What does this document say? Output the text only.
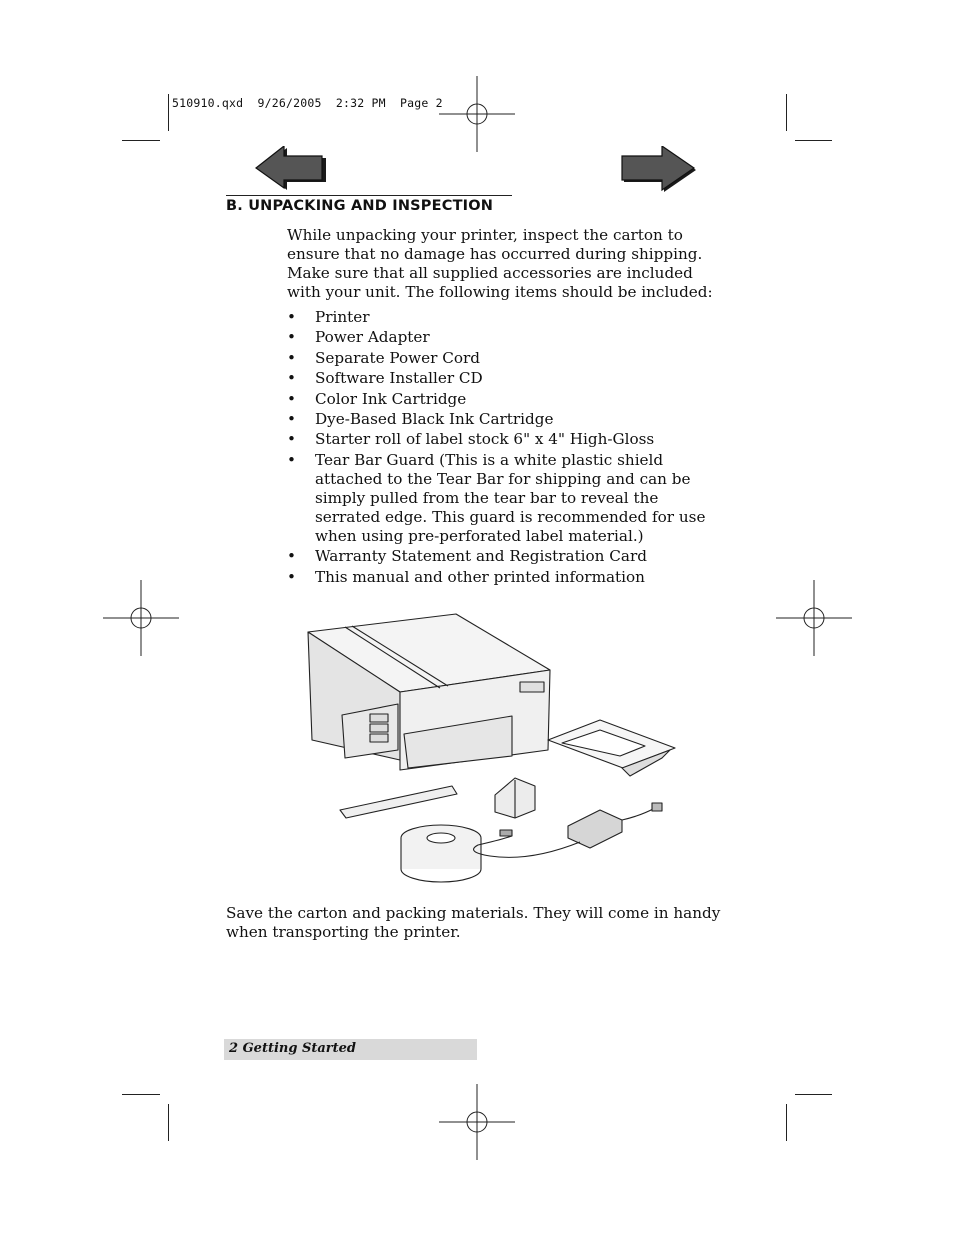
510910.qxd  9/26/2005  2:32 PM  Page 2
B. UNPACKING AND INSPECTION
While unpacking your printer, inspect the carton to ensure that no damage has occurred during shipping. Make sure that all supplied accessories are included with your unit. The following items should be included:
• Printer
• Power Adapter
• Separate Power Cord
• Software Installer CD
• Color Ink Cartridge
• Dye-Based Black Ink Cartridge
• Starter roll of label stock 6" x 4" High-Gloss
• Tear Bar Guard (This is a white plastic shield attached to the Tear Bar for shipping and can be simply pulled from the tear bar to reveal the serrated edge. This guard is recommended for use when using pre-perforated label material.)
• Warranty Statement and Registration Card
• This manual and other printed information
Save the carton and packing materials. They will come in handy when transporting the printer.
2 Getting Started
